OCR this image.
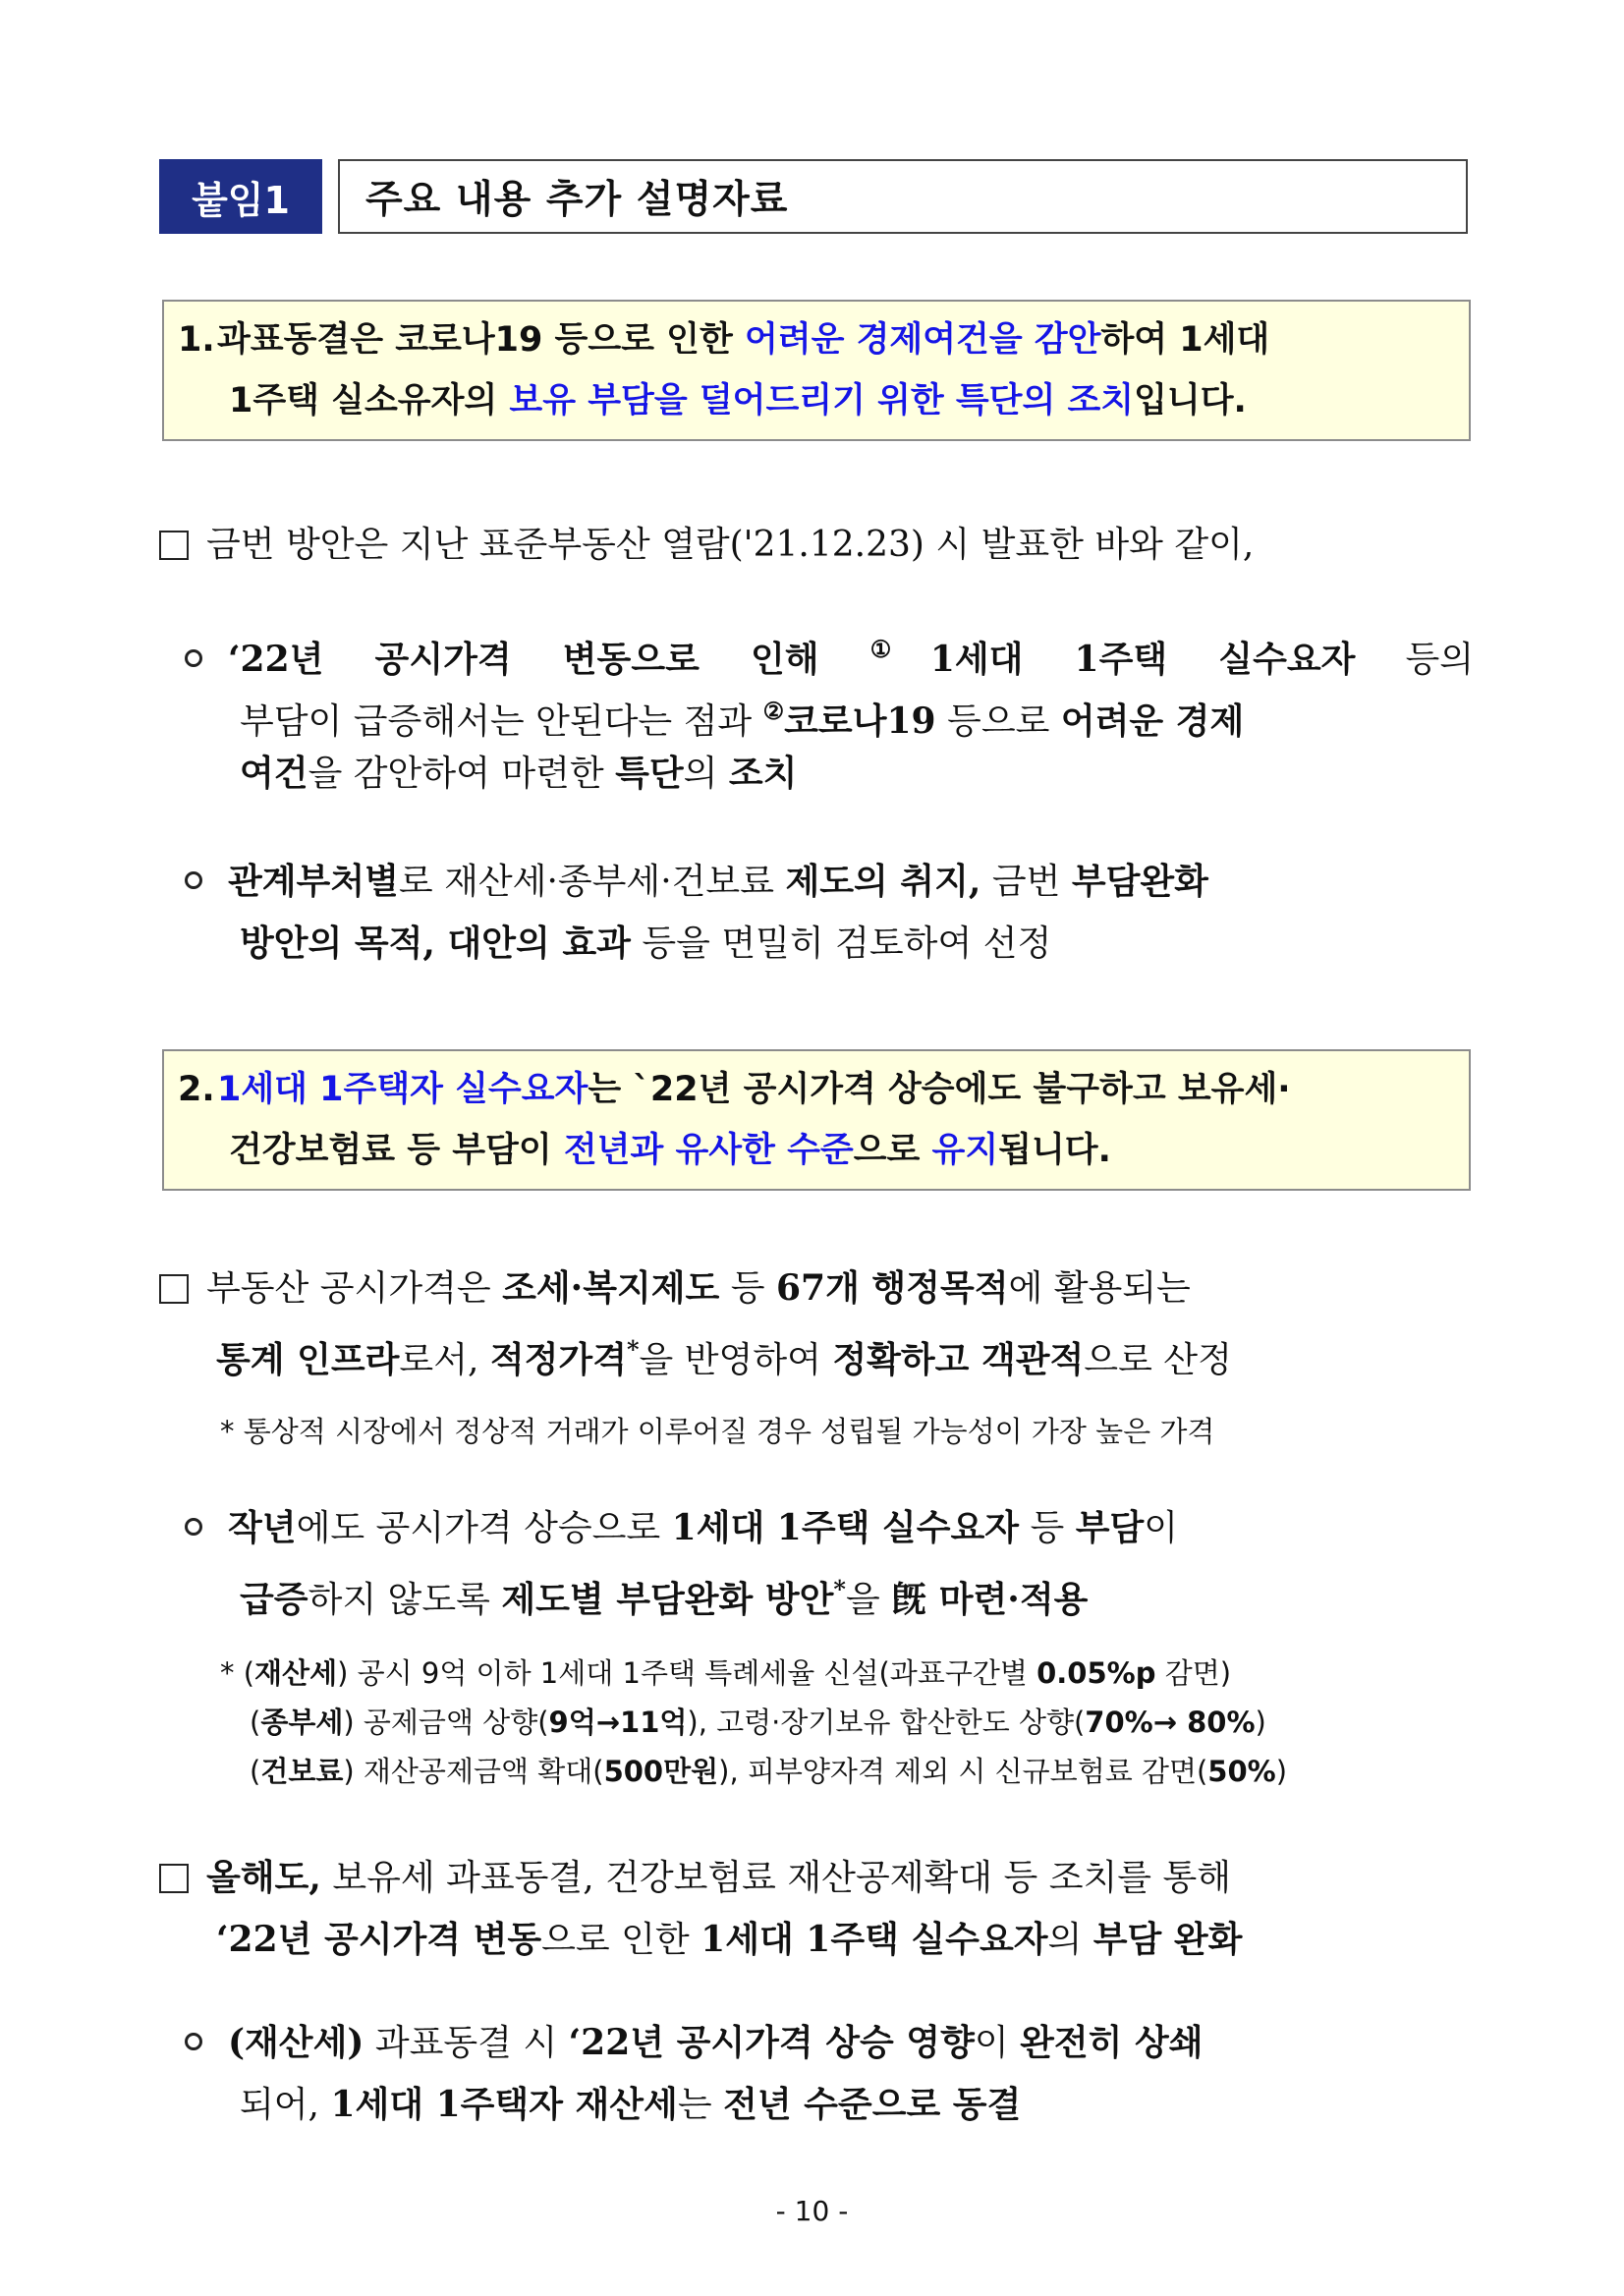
붙임1	주요 내용 추가 설명자료
1.과표동결은 코로나19 등으로 인한 어려운 경제여건을 감안하여 1세대
1주택 실소유자의 보유 부담을 덜어드리기 위한 특단의 조치입니다.
금번 방안은 지난 표준부동산 열람('21.12.23) 시 발표한 바와 같이,
‘22년 공시가격 변동으로 인해 ①1세대 1주택 실수요자 등의
부담이 급증해서는 안된다는 점과 ②코로나19 등으로 어려운 경제
여건을 감안하여 마련한 특단의 조치
관계부처별로 재산세·종부세·건보료 제도의 취지, 금번 부담완화
방안의 목적, 대안의 효과 등을 면밀히 검토하여 선정
2.1세대 1주택자 실수요자는 `22년 공시가격 상승에도 불구하고 보유세·
건강보험료 등 부담이 전년과 유사한 수준으로 유지됩니다.
부동산 공시가격은 조세·복지제도 등 67개 행정목적에 활용되는
통계 인프라로서, 적정가격*을 반영하여 정확하고 객관적으로 산정
* 통상적 시장에서 정상적 거래가 이루어질 경우 성립될 가능성이 가장 높은 가격
작년에도 공시가격 상승으로 1세대 1주택 실수요자 등 부담이
급증하지 않도록 제도별 부담완화 방안*을 旣 마련·적용
* (재산세) 공시 9억 이하 1세대 1주택 특례세율 신설(과표구간별 0.05%p 감면)
(종부세) 공제금액 상향(9억→11억), 고령·장기보유 합산한도 상향(70%→ 80%)
(건보료) 재산공제금액 확대(500만원), 피부양자격 제외 시 신규보험료 감면(50%)
올해도, 보유세 과표동결, 건강보험료 재산공제확대 등 조치를 통해
‘22년 공시가격 변동으로 인한 1세대 1주택 실수요자의 부담 완화
(재산세) 과표동결 시 ‘22년 공시가격 상승 영향이 완전히 상쇄
되어, 1세대 1주택자 재산세는 전년 수준으로 동결
- 10 -
